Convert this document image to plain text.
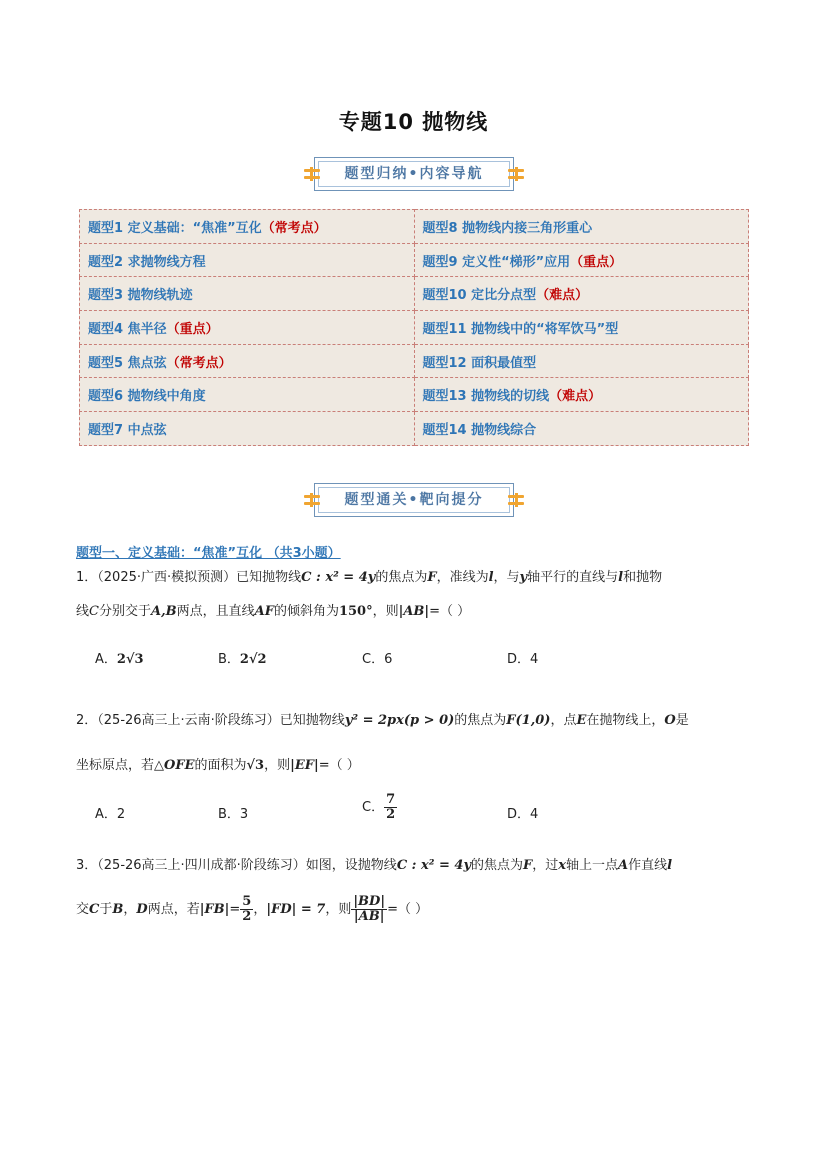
专题10 抛物线
题型归纳•内容导航
题型1 定义基础：“焦准”互化（常考点）	题型8 抛物线内接三角形重心
题型2 求抛物线方程	题型9 定义性“梯形”应用（重点）
题型3 抛物线轨迹	题型10 定比分点型（难点）
题型4 焦半径（重点）	题型11 抛物线中的“将军饮马”型
题型5 焦点弦（常考点）	题型12 面积最值型
题型6 抛物线中角度	题型13 抛物线的切线（难点）
题型7 中点弦	题型14 抛物线综合
题型通关•靶向提分
题型一、定义基础：“焦准”互化 （共3小题）
1．（2025·广西·模拟预测）已知抛物线C : x² = 4y的焦点为F，准线为l，与y轴平行的直线与l和抛物
线C分别交于A,B两点，且直线AF的倾斜角为150°，则|AB|=（ ）
A．2√3	B．2√2	C．6	D．4
2．（25-26高三上·云南·阶段练习）已知抛物线y² = 2px(p > 0)的焦点为F(1,0)，点E在抛物线上，O是
坐标原点，若△OFE的面积为√3，则|EF|=（ ）
A．2	B．3	C． $\frac{7}{2}$	D．4
3．（25-26高三上·四川成都·阶段练习）如图，设抛物线C : x² = 4y的焦点为F，过x轴上一点A作直线l
交C于B，D两点，若$|FB|= \frac{5}{2}$ ，|FD| = 7，则 $\frac{|BD|}{|AB|}$ =（ ）
